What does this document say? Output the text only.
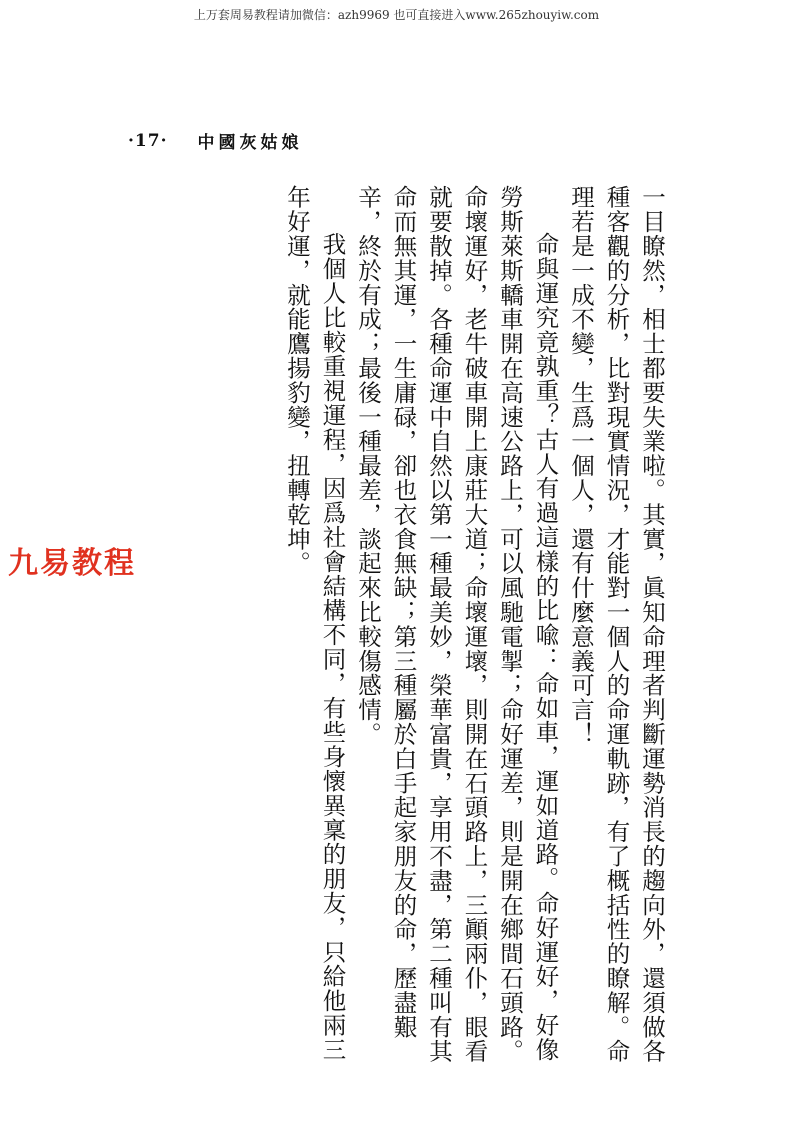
上万套周易教程请加微信：azh9969 也可直接进入www.265zhouyiw.com
·17· 中國灰姑娘

一目瞭然，相士都要失業啦。其實，眞知命理者判斷運勢消長的趨向外，還須做各種客觀的分析，比對現實情況，才能對一個人的命運軌跡，有了概括性的瞭解。命理若是一成不變，生爲一個人，還有什麼意義可言！

命與運究竟孰重？古人有過這樣的比喩：命如車，運如道路。命好運好，好像勞斯萊斯轎車開在高速公路上，可以風馳電掣；命好運差，則是開在鄉間石頭路。命壞運好，老牛破車開上康莊大道；命壞運壞，則開在石頭路上，三顚兩仆，眼看就要散掉。各種命運中自然以第一種最美妙，榮華富貴，享用不盡，第二種叫有其命而無其運，一生庸碌，卻也衣食無缺；第三種屬於白手起家朋友的命，歷盡艱辛，終於有成；最後一種最差，談起來比較傷感情。

我個人比較重視運程，因爲社會結構不同，有些身懷異稟的朋友，只給他兩三年好運，就能鷹揚豹變，扭轉乾坤。

九易教程
